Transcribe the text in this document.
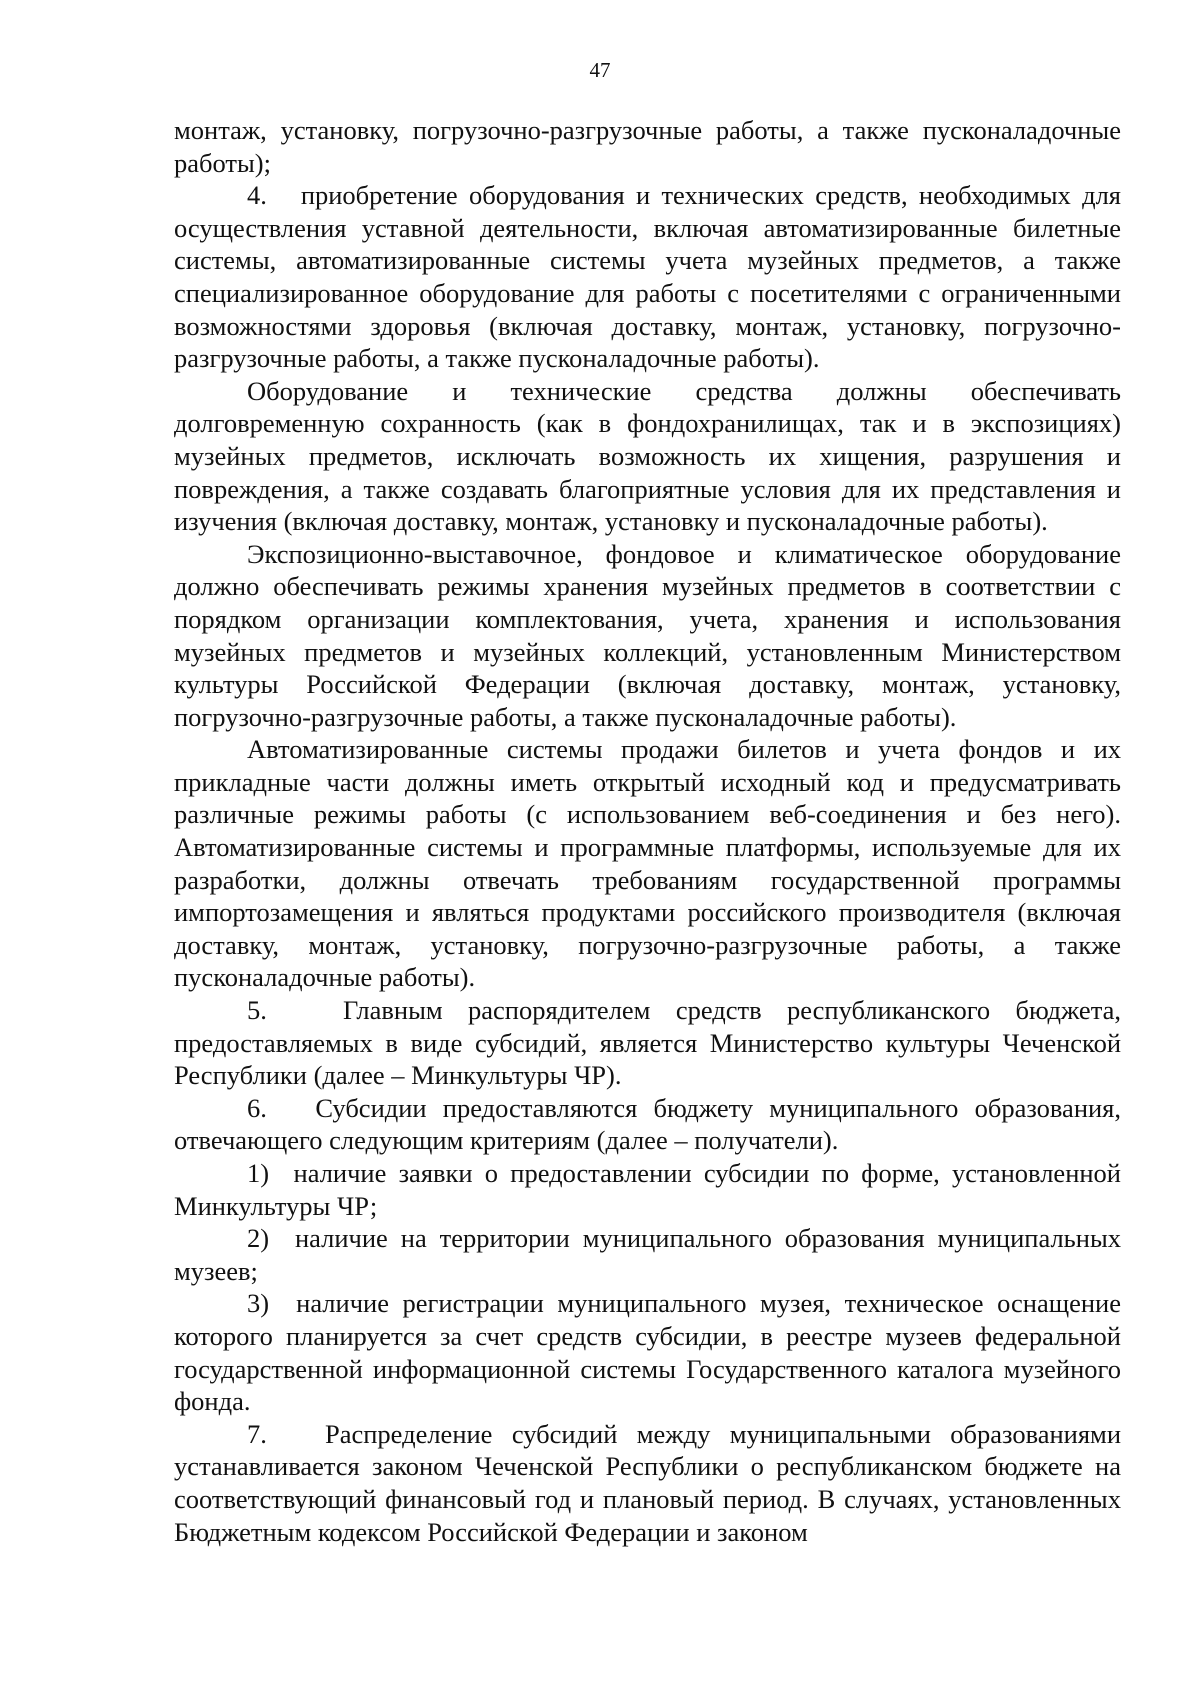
47

монтаж, установку, погрузочно-разгрузочные работы, а также пусконаладочные работы);

4.   приобретение оборудования и технических средств, необходимых для осуществления уставной деятельности, включая автоматизированные билетные системы, автоматизированные системы учета музейных предметов, а также специализированное оборудование для работы с посетителями с ограниченными возможностями здоровья (включая доставку, монтаж, установку, погрузочно-разгрузочные работы, а также пусконаладочные работы).

Оборудование и технические средства должны обеспечивать долговременную сохранность (как в фондохранилищах, так и в экспозициях) музейных предметов, исключать возможность их хищения, разрушения и повреждения, а также создавать благоприятные условия для их представления и изучения (включая доставку, монтаж, установку и пусконаладочные работы).

Экспозиционно-выставочное, фондовое и климатическое оборудование должно обеспечивать режимы хранения музейных предметов в соответствии с порядком организации комплектования, учета, хранения и использования музейных предметов и музейных коллекций, установленным Министерством культуры Российской Федерации (включая доставку, монтаж, установку, погрузочно-разгрузочные работы, а также пусконаладочные работы).

Автоматизированные системы продажи билетов и учета фондов и их прикладные части должны иметь открытый исходный код и предусматривать различные режимы работы (с использованием веб-соединения и без него). Автоматизированные системы и программные платформы, используемые для их разработки, должны отвечать требованиям государственной программы импортозамещения и являться продуктами российского производителя (включая доставку, монтаж, установку, погрузочно-разгрузочные работы, а также пусконаладочные работы).

5.   Главным распорядителем средств республиканского бюджета, предоставляемых в виде субсидий, является Министерство культуры Чеченской Республики (далее – Минкультуры ЧР).

6.   Субсидии предоставляются бюджету муниципального образования, отвечающего следующим критериям (далее – получатели).

1)  наличие заявки о предоставлении субсидии по форме, установленной Минкультуры ЧР;

2)  наличие на территории муниципального образования муниципальных музеев;

3)  наличие регистрации муниципального музея, техническое оснащение которого планируется за счет средств субсидии, в реестре музеев федеральной государственной информационной системы Государственного каталога музейного фонда.

7.   Распределение субсидий между муниципальными образованиями устанавливается законом Чеченской Республики о республиканском бюджете на соответствующий финансовый год и плановый период. В случаях, установленных Бюджетным кодексом Российской Федерации и законом
